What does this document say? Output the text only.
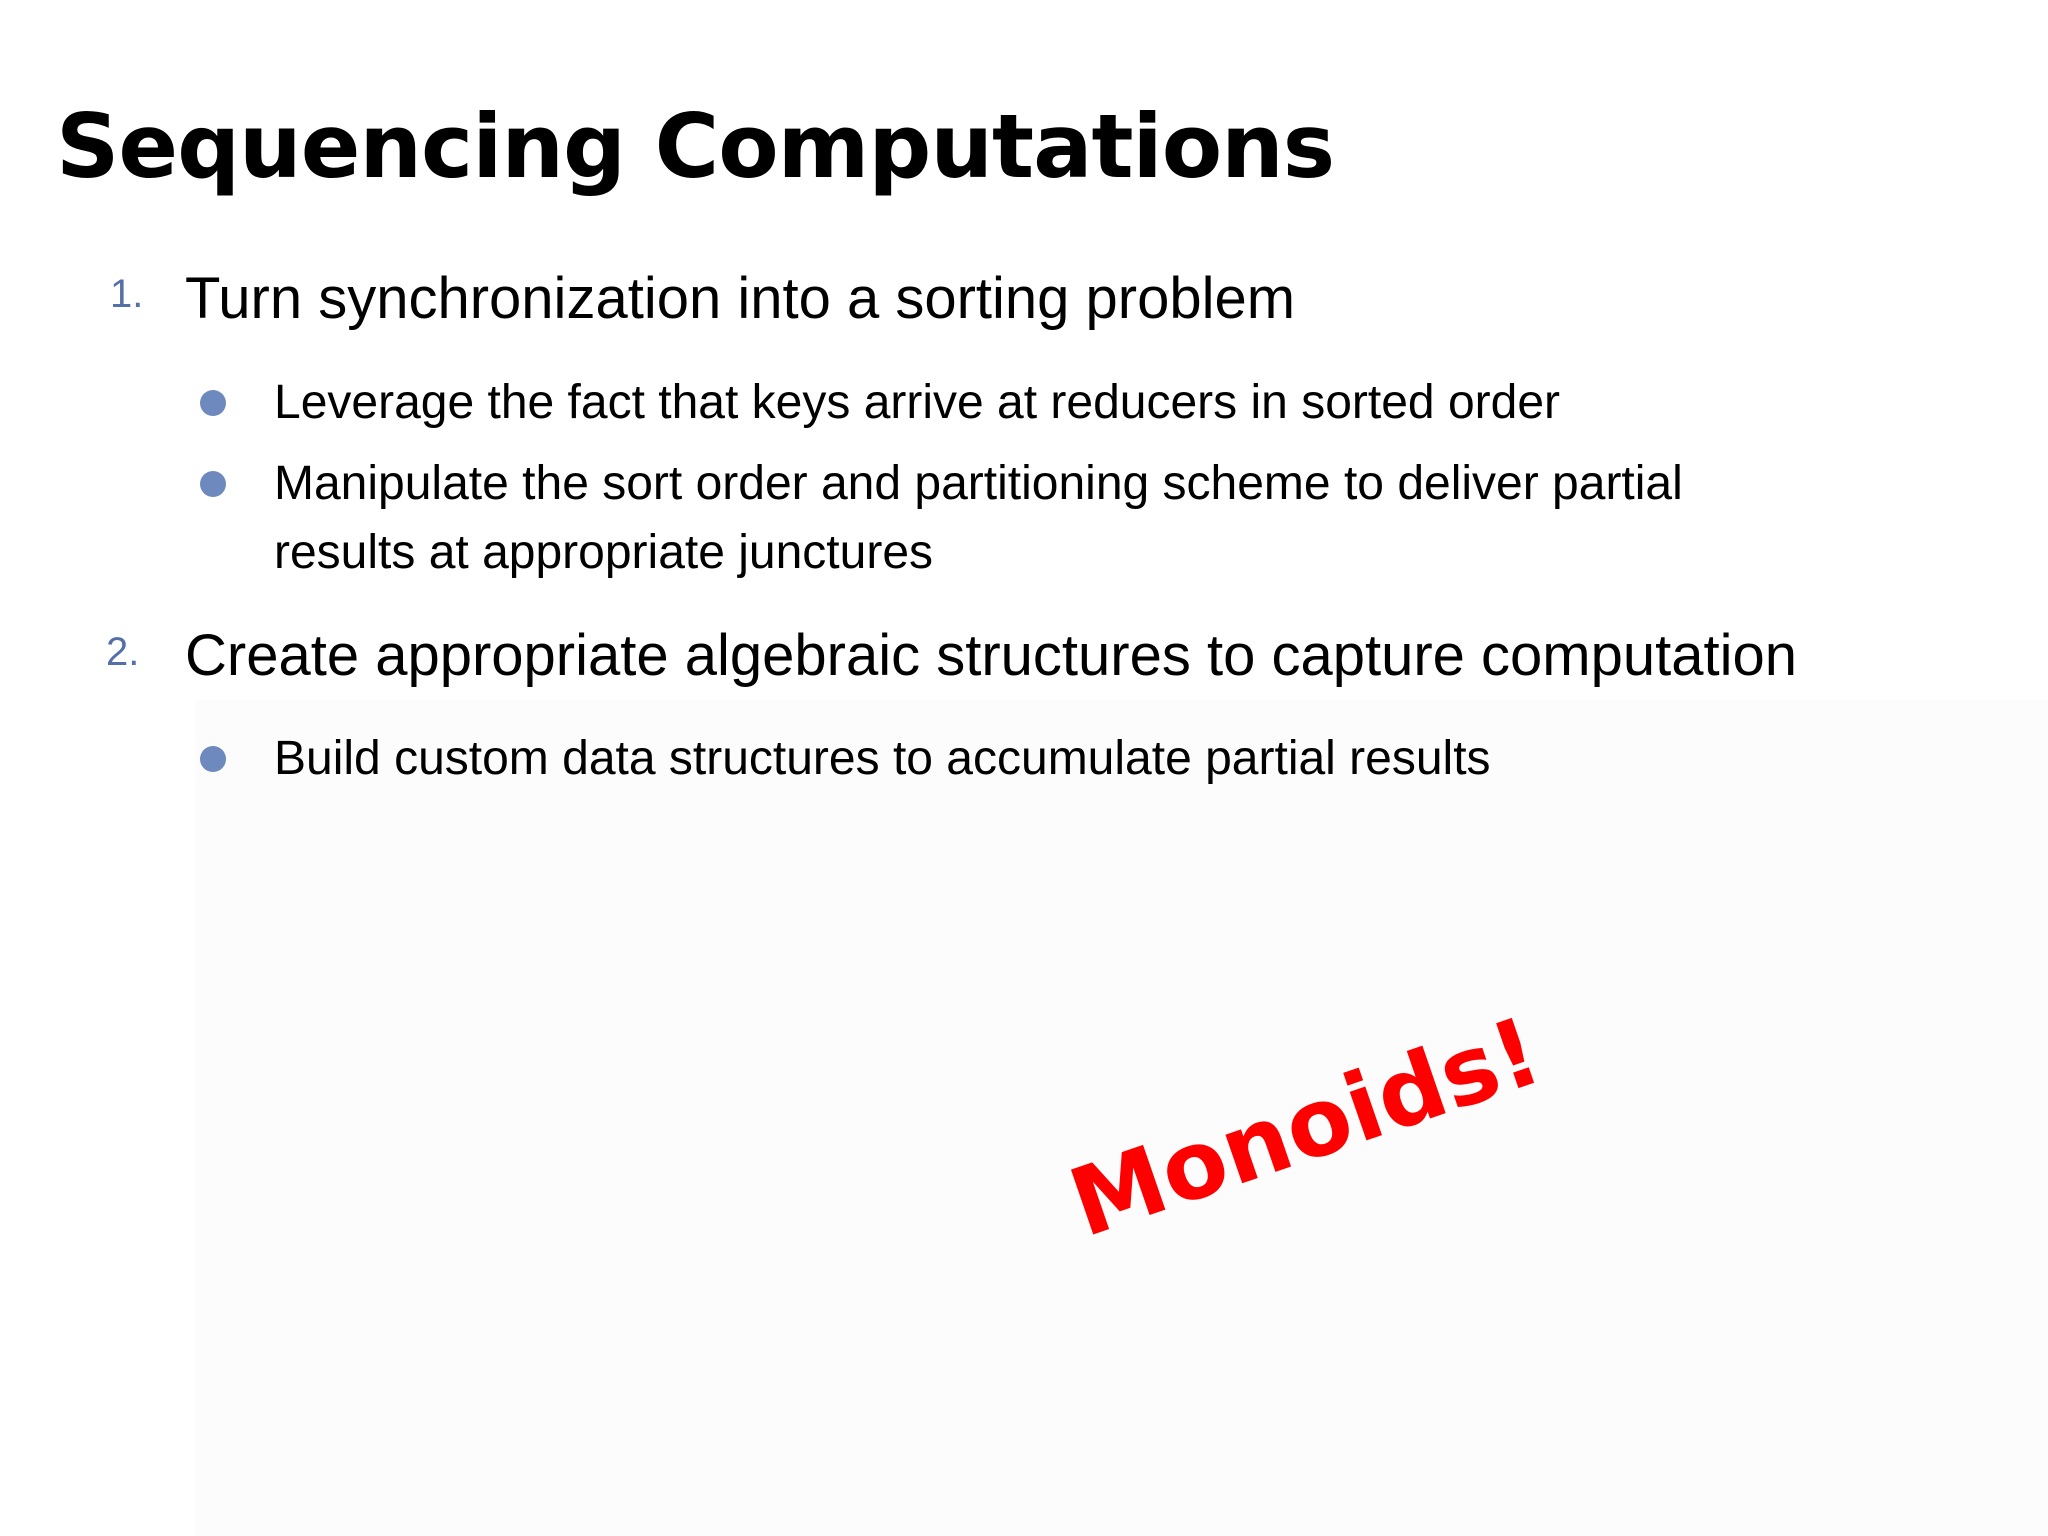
Sequencing Computations
1. Turn synchronization into a sorting problem

Leverage the fact that keys arrive at reducers in sorted order

Manipulate the sort order and partitioning scheme to deliver partial

results at appropriate junctures

2. Create appropriate algebraic structures to capture computation

Build custom data structures to accumulate partial results

Monoids!
